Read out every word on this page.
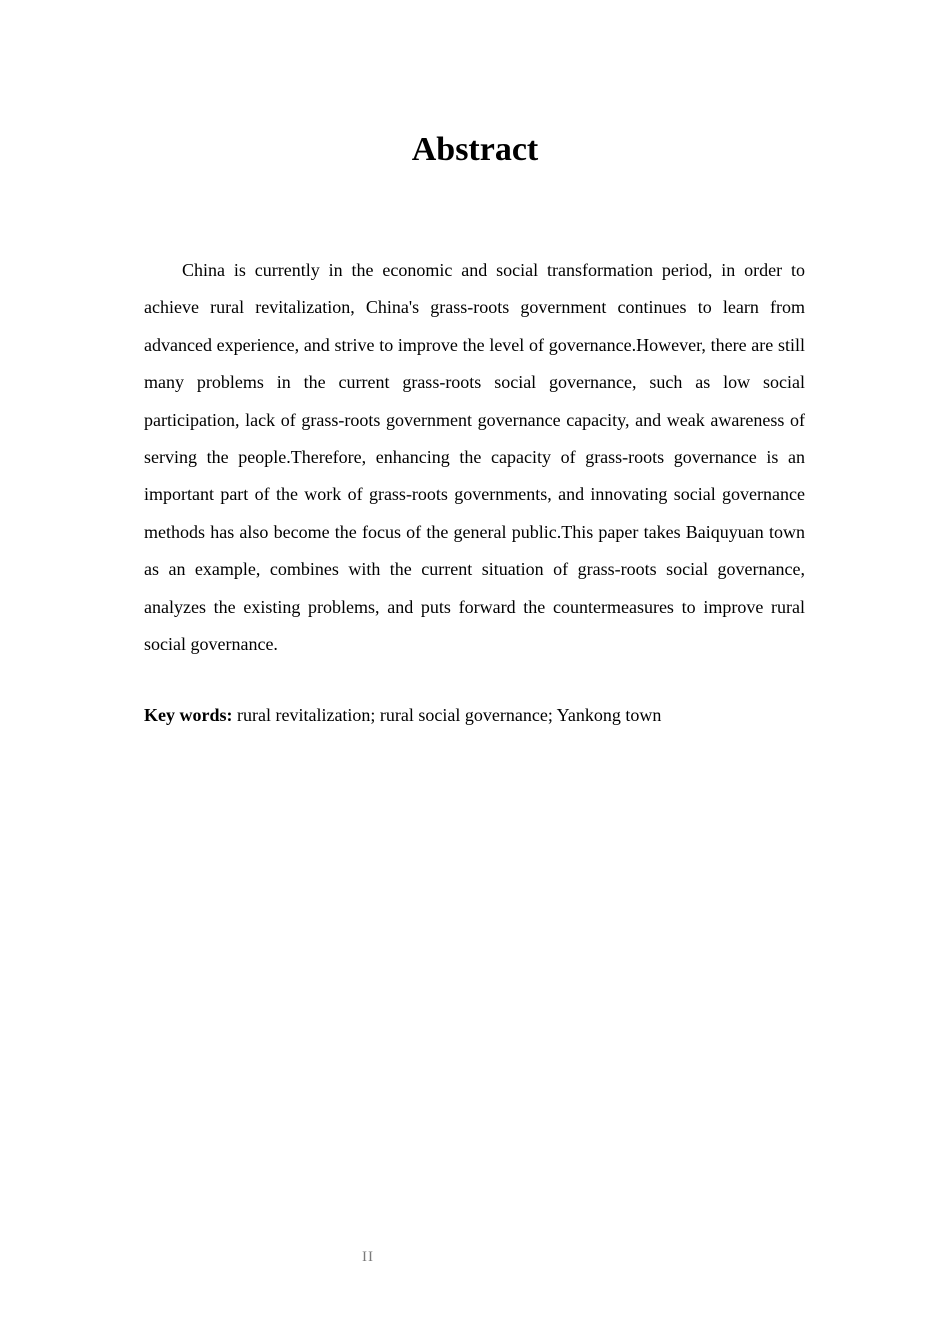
Abstract

China is currently in the economic and social transformation period, in order to achieve rural revitalization, China's grass-roots government continues to learn from advanced experience, and strive to improve the level of governance.However, there are still many problems in the current grass-roots social governance, such as low social participation, lack of grass-roots government governance capacity, and weak awareness of serving the people.Therefore, enhancing the capacity of grass-roots governance is an important part of the work of grass-roots governments, and innovating social governance methods has also become the focus of the general public.This paper takes Baiquyuan town as an example, combines with the current situation of grass-roots social governance, analyzes the existing problems, and puts forward the countermeasures to improve rural social governance.

Key words: rural revitalization; rural social governance; Yankong town

II
